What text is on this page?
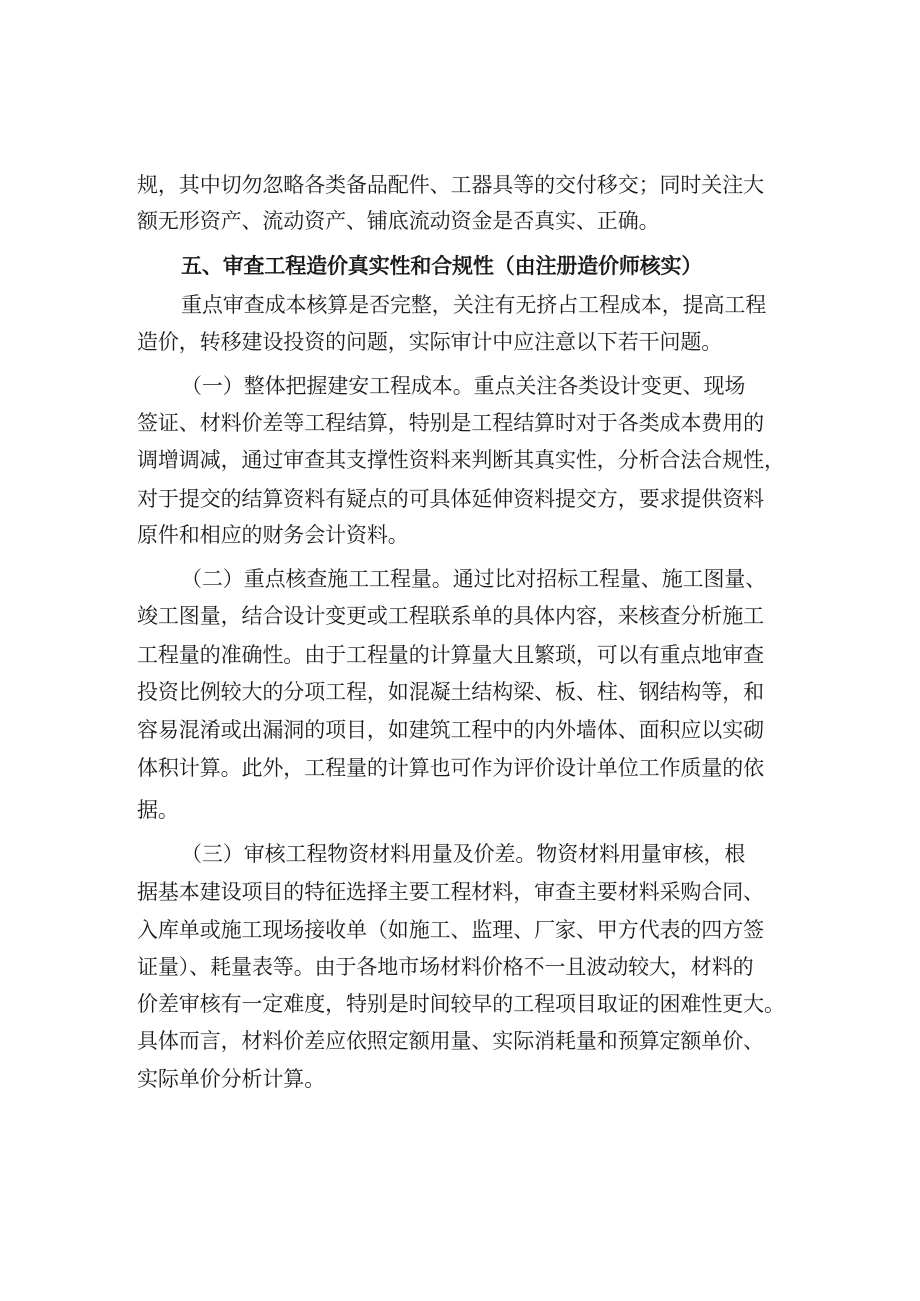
规，其中切勿忽略各类备品配件、工器具等的交付移交；同时关注大
额无形资产、流动资产、铺底流动资金是否真实、正确。
五、审查工程造价真实性和合规性（由注册造价师核实）
重点审查成本核算是否完整，关注有无挤占工程成本，提高工程
造价，转移建设投资的问题，实际审计中应注意以下若干问题。
（一）整体把握建安工程成本。重点关注各类设计变更、现场
签证、材料价差等工程结算，特别是工程结算时对于各类成本费用的
调增调减，通过审查其支撑性资料来判断其真实性，分析合法合规性，
对于提交的结算资料有疑点的可具体延伸资料提交方，要求提供资料
原件和相应的财务会计资料。
（二）重点核查施工工程量。通过比对招标工程量、施工图量、
竣工图量，结合设计变更或工程联系单的具体内容，来核查分析施工
工程量的准确性。由于工程量的计算量大且繁琐，可以有重点地审查
投资比例较大的分项工程，如混凝土结构梁、板、柱、钢结构等，和
容易混淆或出漏洞的项目，如建筑工程中的内外墙体、面积应以实砌
体积计算。此外，工程量的计算也可作为评价设计单位工作质量的依
据。
（三）审核工程物资材料用量及价差。物资材料用量审核，根
据基本建设项目的特征选择主要工程材料，审查主要材料采购合同、
入库单或施工现场接收单（如施工、监理、厂家、甲方代表的四方签
证量）、耗量表等。由于各地市场材料价格不一且波动较大，材料的
价差审核有一定难度，特别是时间较早的工程项目取证的困难性更大。
具体而言，材料价差应依照定额用量、实际消耗量和预算定额单价、
实际单价分析计算。
